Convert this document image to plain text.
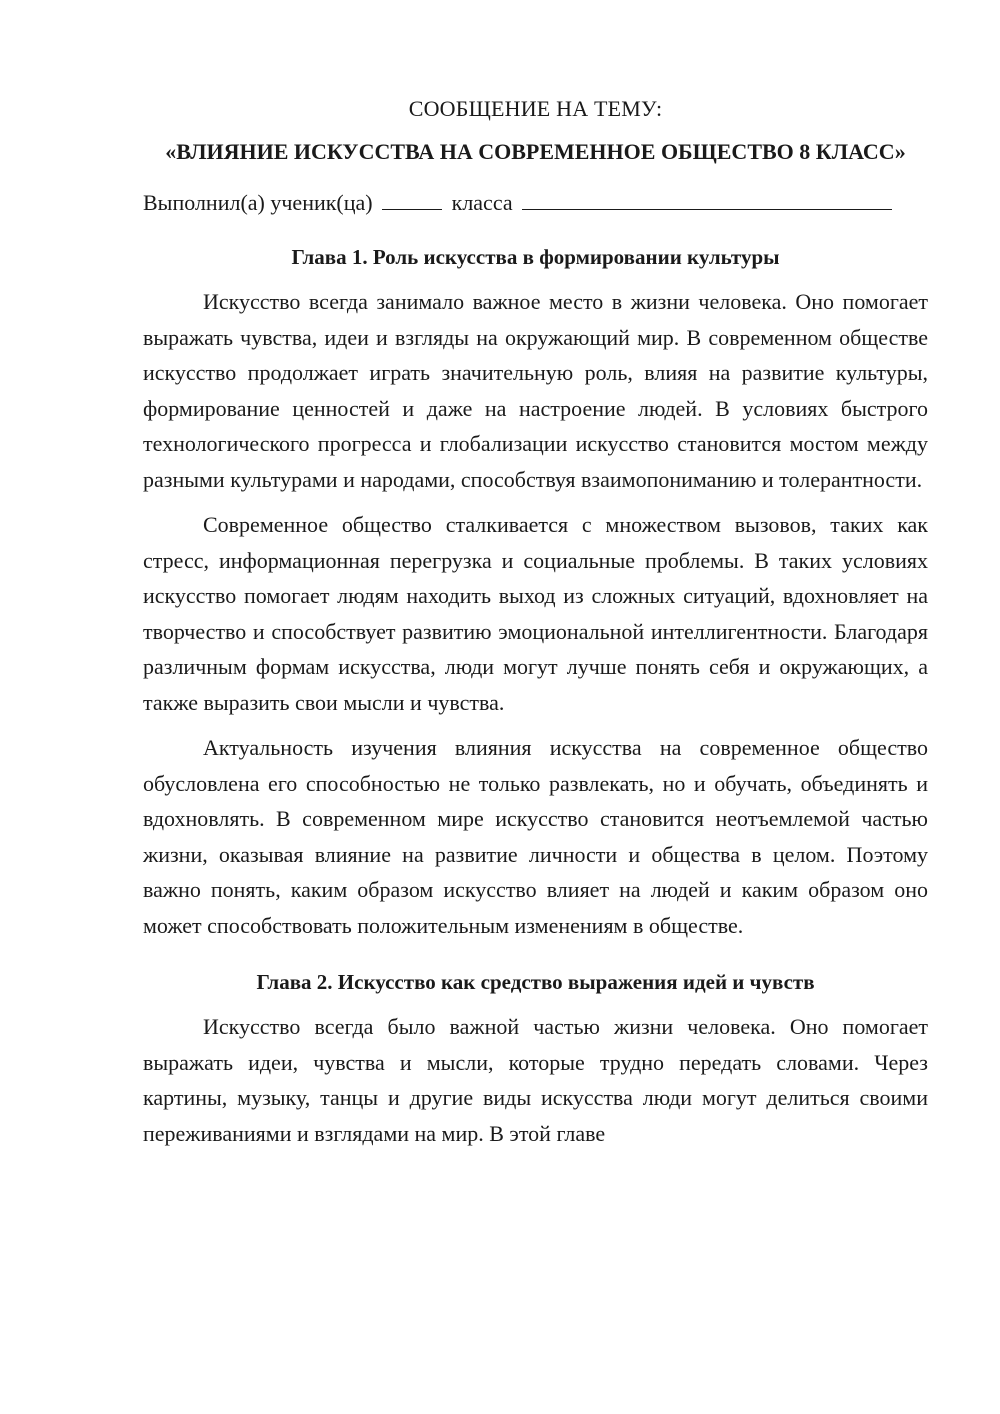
СООБЩЕНИЕ НА ТЕМУ:

«ВЛИЯНИЕ ИСКУССТВА НА СОВРЕМЕННОЕ ОБЩЕСТВО 8 КЛАСС»

Выполнил(а) ученик(ца)	класса

Глава 1. Роль искусства в формировании культуры

Искусство всегда занимало важное место в жизни человека. Оно помогает выражать чувства, идеи и взгляды на окружающий мир. В современном обществе искусство продолжает играть значительную роль, влияя на развитие культуры, формирование ценностей и даже на настроение людей. В условиях быстрого технологического прогресса и глобализации искусство становится мостом между разными культурами и народами, способствуя взаимопониманию и толерантности.

Современное общество сталкивается с множеством вызовов, таких как стресс, информационная перегрузка и социальные проблемы. В таких условиях искусство помогает людям находить выход из сложных ситуаций, вдохновляет на творчество и способствует развитию эмоциональной интеллигентности. Благодаря различным формам искусства, люди могут лучше понять себя и окружающих, а также выразить свои мысли и чувства.

Актуальность изучения влияния искусства на современное общество обусловлена его способностью не только развлекать, но и обучать, объединять и вдохновлять. В современном мире искусство становится неотъемлемой частью жизни, оказывая влияние на развитие личности и общества в целом. Поэтому важно понять, каким образом искусство влияет на людей и каким образом оно может способствовать положительным изменениям в обществе.

Глава 2. Искусство как средство выражения идей и чувств

Искусство всегда было важной частью жизни человека. Оно помогает выражать идеи, чувства и мысли, которые трудно передать словами. Через картины, музыку, танцы и другие виды искусства люди могут делиться своими переживаниями и взглядами на мир. В этой главе
